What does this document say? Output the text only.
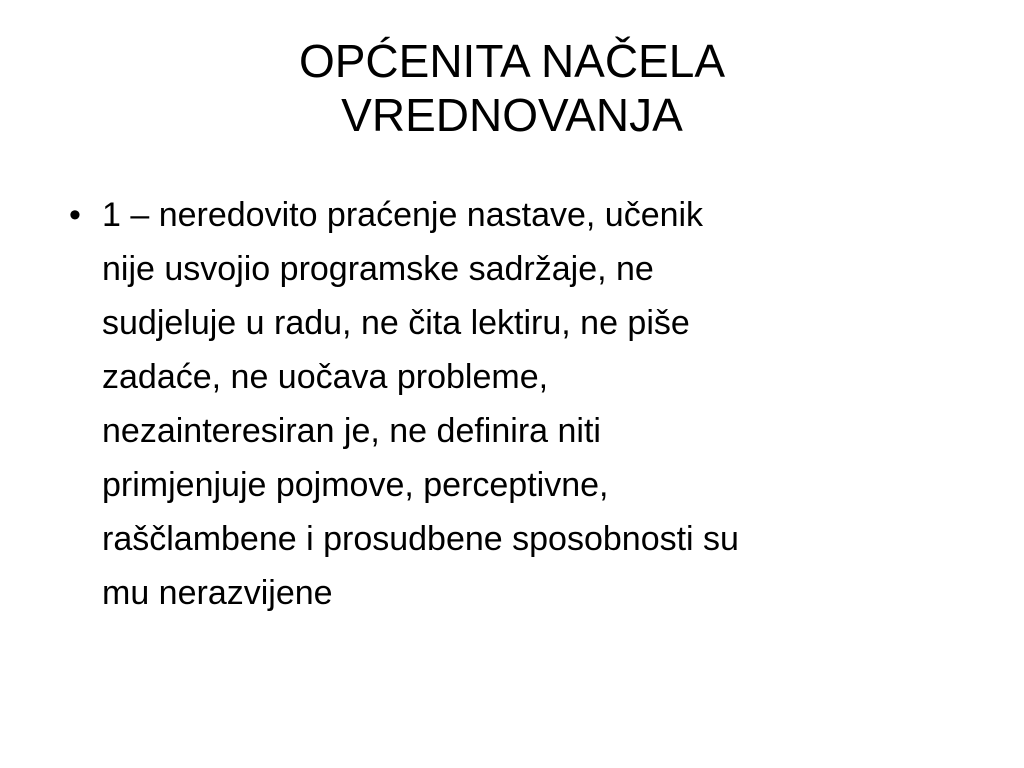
OPĆENITA NAČELA
VREDNOVANJA
• 1 – neredovito praćenje nastave, učenik
nije usvojio programske sadržaje, ne
sudjeluje u radu, ne čita lektiru, ne piše
zadaće, ne uočava probleme,
nezainteresiran je, ne definira niti
primjenjuje pojmove, perceptivne,
raščlambene i prosudbene sposobnosti su
mu nerazvijene
